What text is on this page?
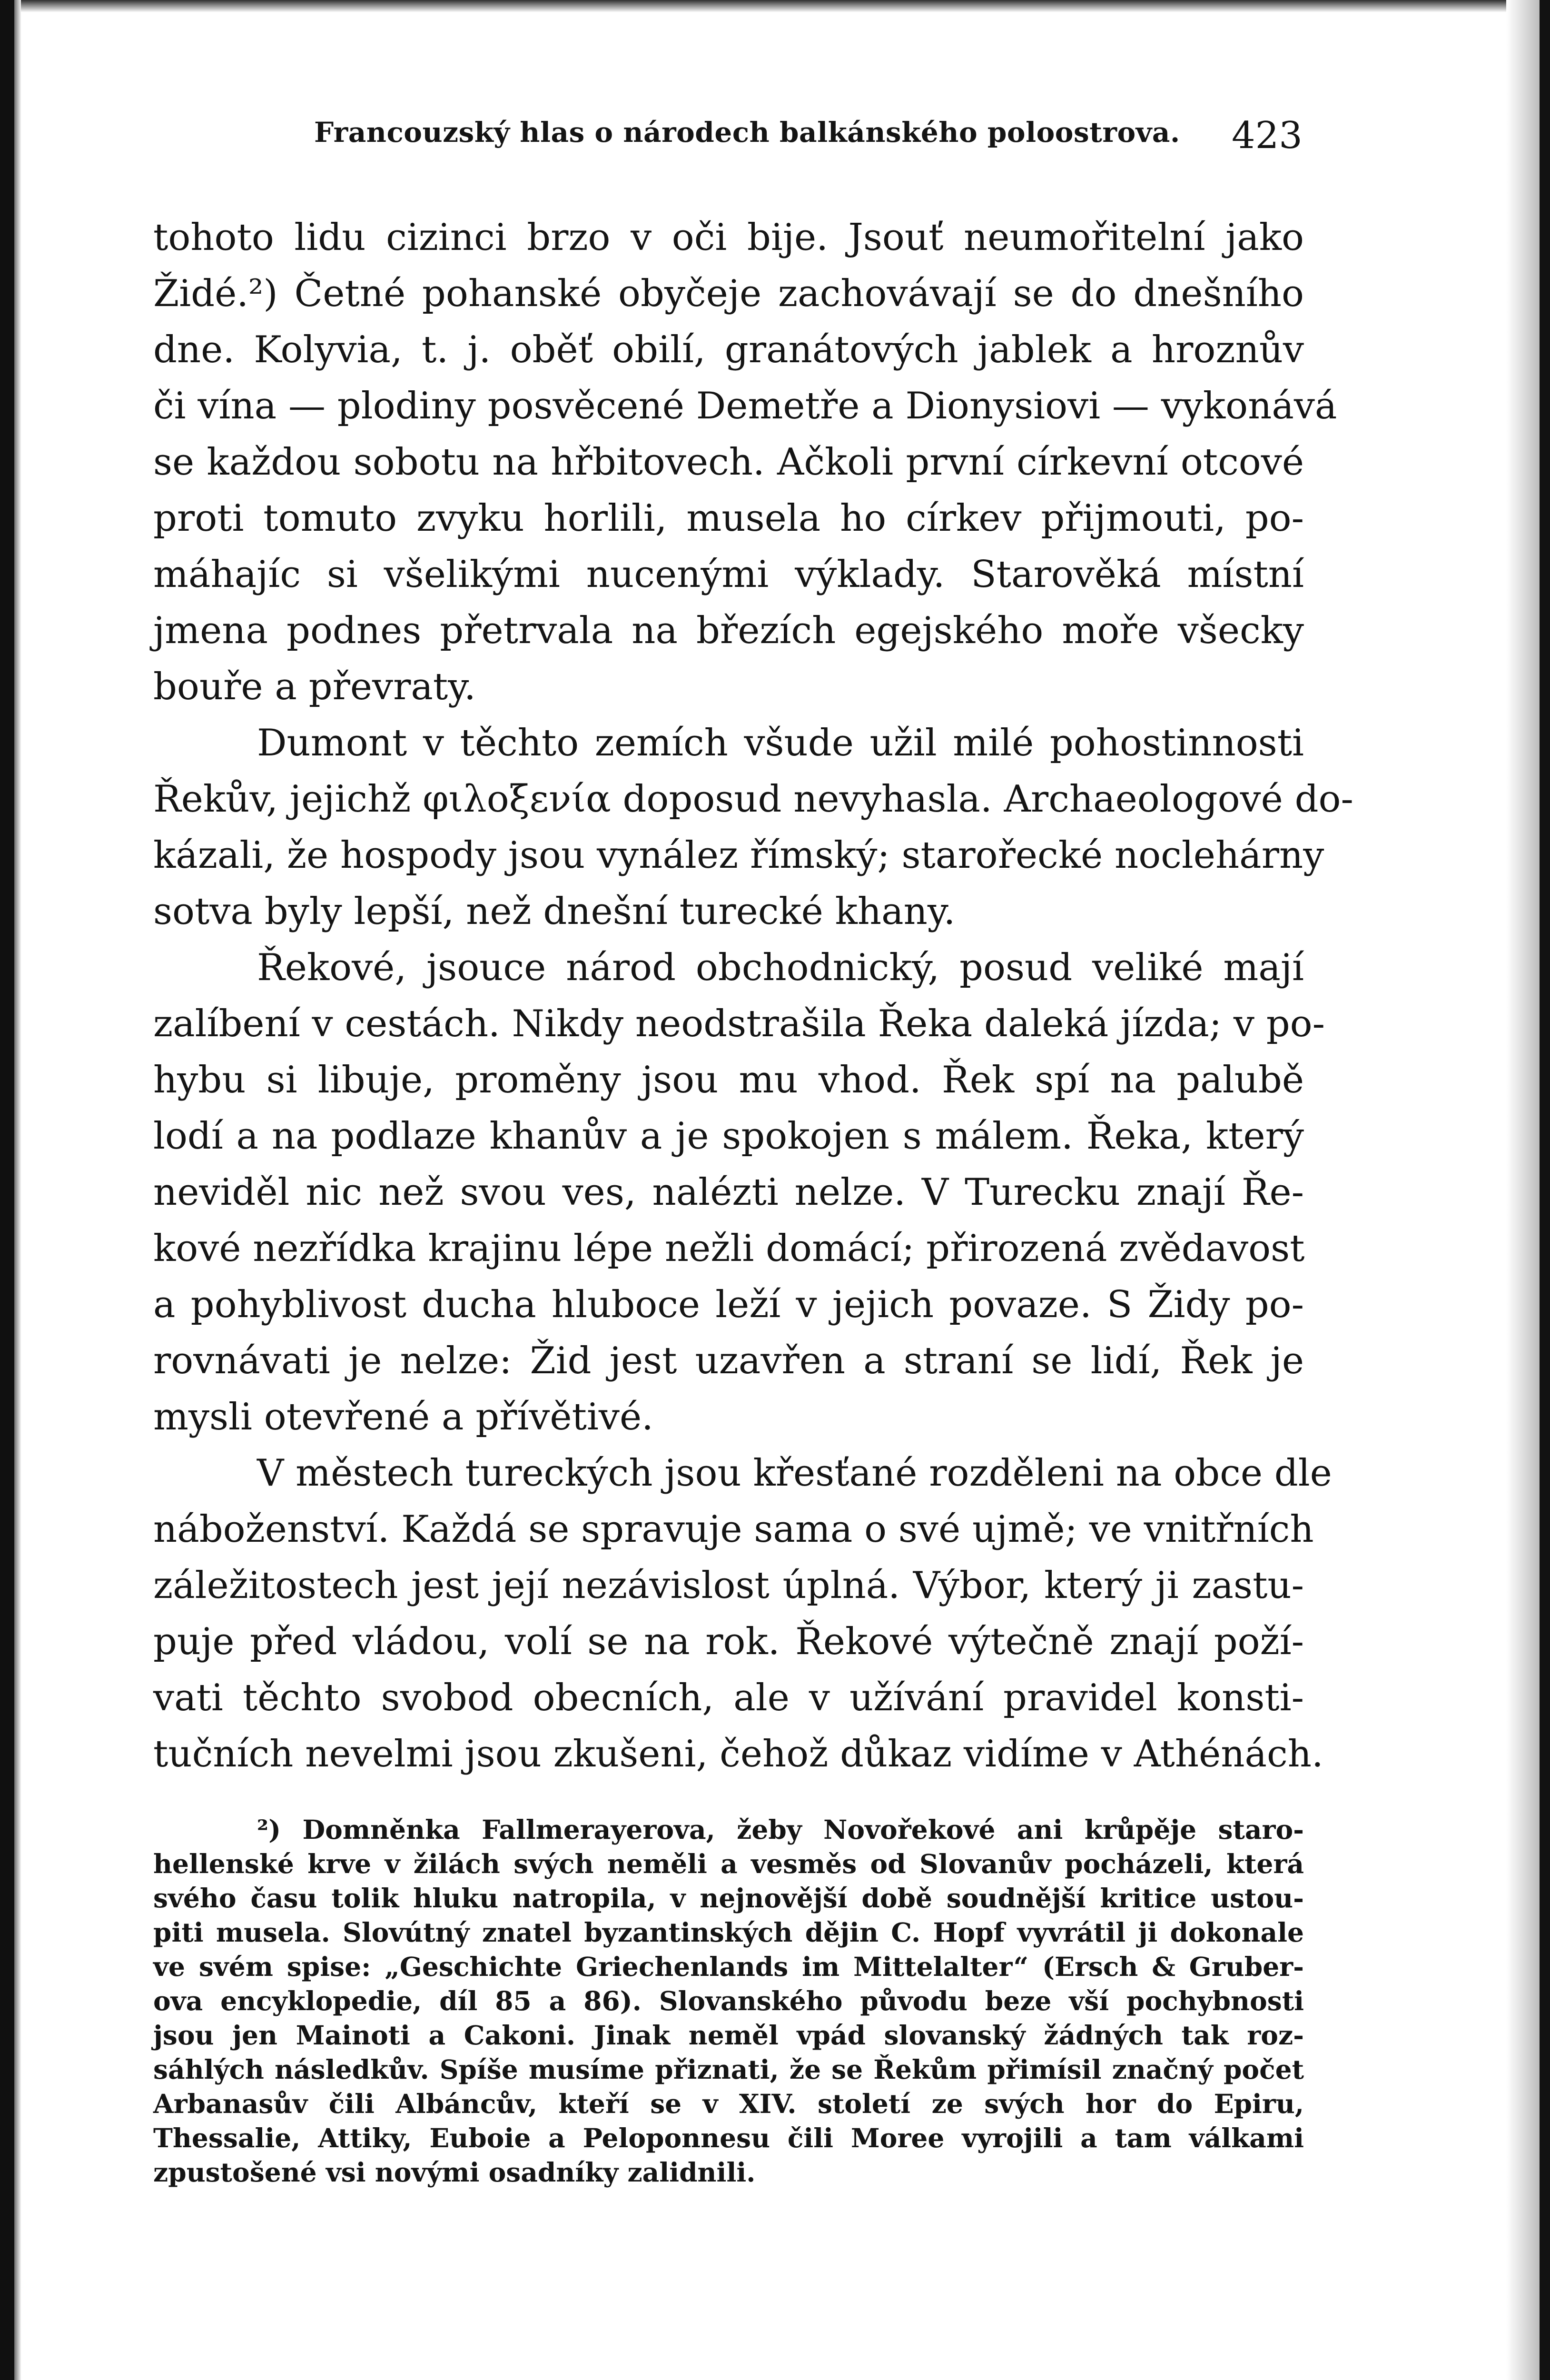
Francouzský hlas o národech balkánského poloostrova. 423
tohoto lidu cizinci brzo v oči bije. Jsouť neumořitelní jako
Židé.²) Četné pohanské obyčeje zachovávají se do dnešního
dne. Kolyvia, t. j. oběť obilí, granátových jablek a hroznův
či vína — plodiny posvěcené Demetře a Dionysiovi — vykonává
se každou sobotu na hřbitovech. Ačkoli první církevní otcové
proti tomuto zvyku horlili, musela ho církev přijmouti, po-
máhajíc si všelikými nucenými výklady. Starověká místní
jmena podnes přetrvala na březích egejského moře všecky
bouře a převraty.
Dumont v těchto zemích všude užil milé pohostinnosti
Řekův, jejichž φιλοξενία doposud nevyhasla. Archaeologové do-
kázali, že hospody jsou vynález římský; starořecké noclehárny
sotva byly lepší, než dnešní turecké khany.
Řekové, jsouce národ obchodnický, posud veliké mají
zalíbení v cestách. Nikdy neodstrašila Řeka daleká jízda; v po-
hybu si libuje, proměny jsou mu vhod. Řek spí na palubě
lodí a na podlaze khanův a je spokojen s málem. Řeka, který
neviděl nic než svou ves, nalézti nelze. V Turecku znají Ře-
kové nezřídka krajinu lépe nežli domácí; přirozená zvědavost
a pohyblivost ducha hluboce leží v jejich povaze. S Židy po-
rovnávati je nelze: Žid jest uzavřen a straní se lidí, Řek je
mysli otevřené a přívětivé.
V městech tureckých jsou křesťané rozděleni na obce dle
náboženství. Každá se spravuje sama o své ujmě; ve vnitřních
záležitostech jest její nezávislost úplná. Výbor, který ji zastu-
puje před vládou, volí se na rok. Řekové výtečně znají poží-
vati těchto svobod obecních, ale v užívání pravidel konsti-
tučních nevelmi jsou zkušeni, čehož důkaz vidíme v Athénách.
²) Domněnka Fallmerayerova, žeby Novořekové ani krůpěje staro-
hellenské krve v žilách svých neměli a vesměs od Slovanův pocházeli, která
svého času tolik hluku natropila, v nejnovější době soudnější kritice ustou-
piti musela. Slovútný znatel byzantinských dějin C. Hopf vyvrátil ji dokonale
ve svém spise: „Geschichte Griechenlands im Mittelalter“ (Ersch & Gruber-
ova encyklopedie, díl 85 a 86). Slovanského původu beze vší pochybnosti
jsou jen Mainoti a Cakoni. Jinak neměl vpád slovanský žádných tak roz-
sáhlých následkův. Spíše musíme přiznati, že se Řekům přimísil značný počet
Arbanasův čili Albáncův, kteří se v XIV. století ze svých hor do Epiru,
Thessalie, Attiky, Euboie a Peloponnesu čili Moree vyrojili a tam válkami
zpustošené vsi novými osadníky zalidnili.
